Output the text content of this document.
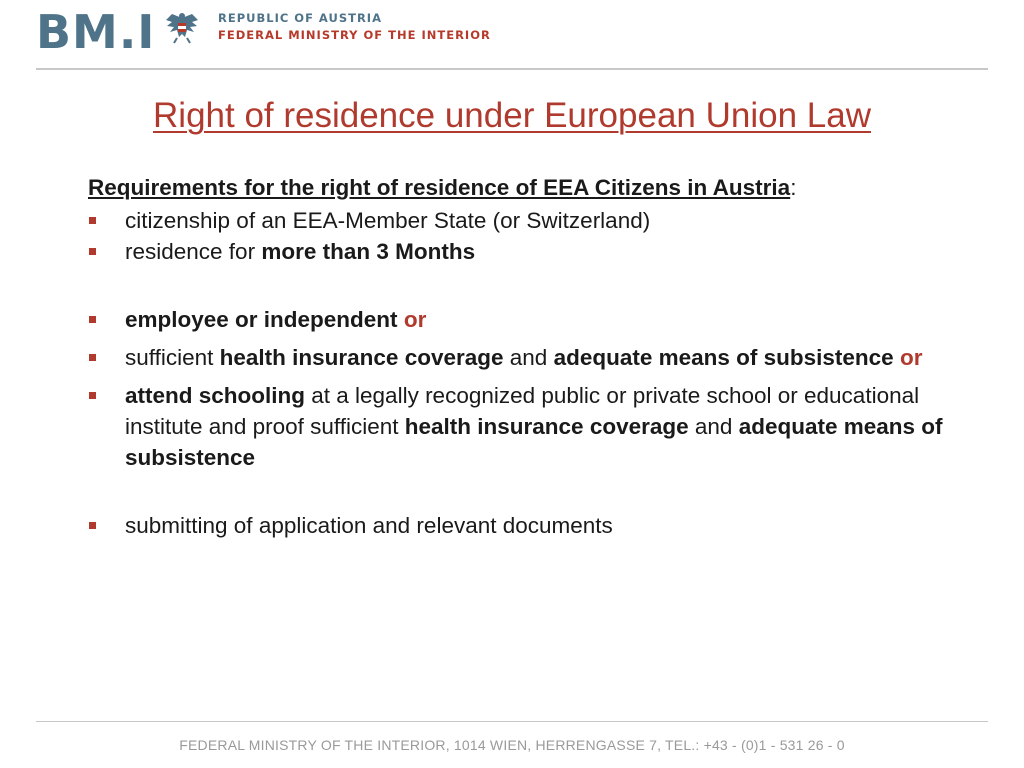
BM.I	REPUBLIC OF AUSTRIA
FEDERAL MINISTRY OF THE INTERIOR
Right of residence under European Union Law

Requirements for the right of residence of EEA Citizens in Austria:

citizenship of an EEA-Member State (or Switzerland)
residence for more than 3 Months
employee or independent or
sufficient health insurance coverage and adequate means of subsistence or
attend schooling at a legally recognized public or private school or educational institute and proof sufficient health insurance coverage and adequate means of subsistence
submitting of application and relevant documents
FEDERAL MINISTRY OF THE INTERIOR, 1014 WIEN, HERRENGASSE 7, TEL.: +43 - (0)1 - 531 26 - 0
